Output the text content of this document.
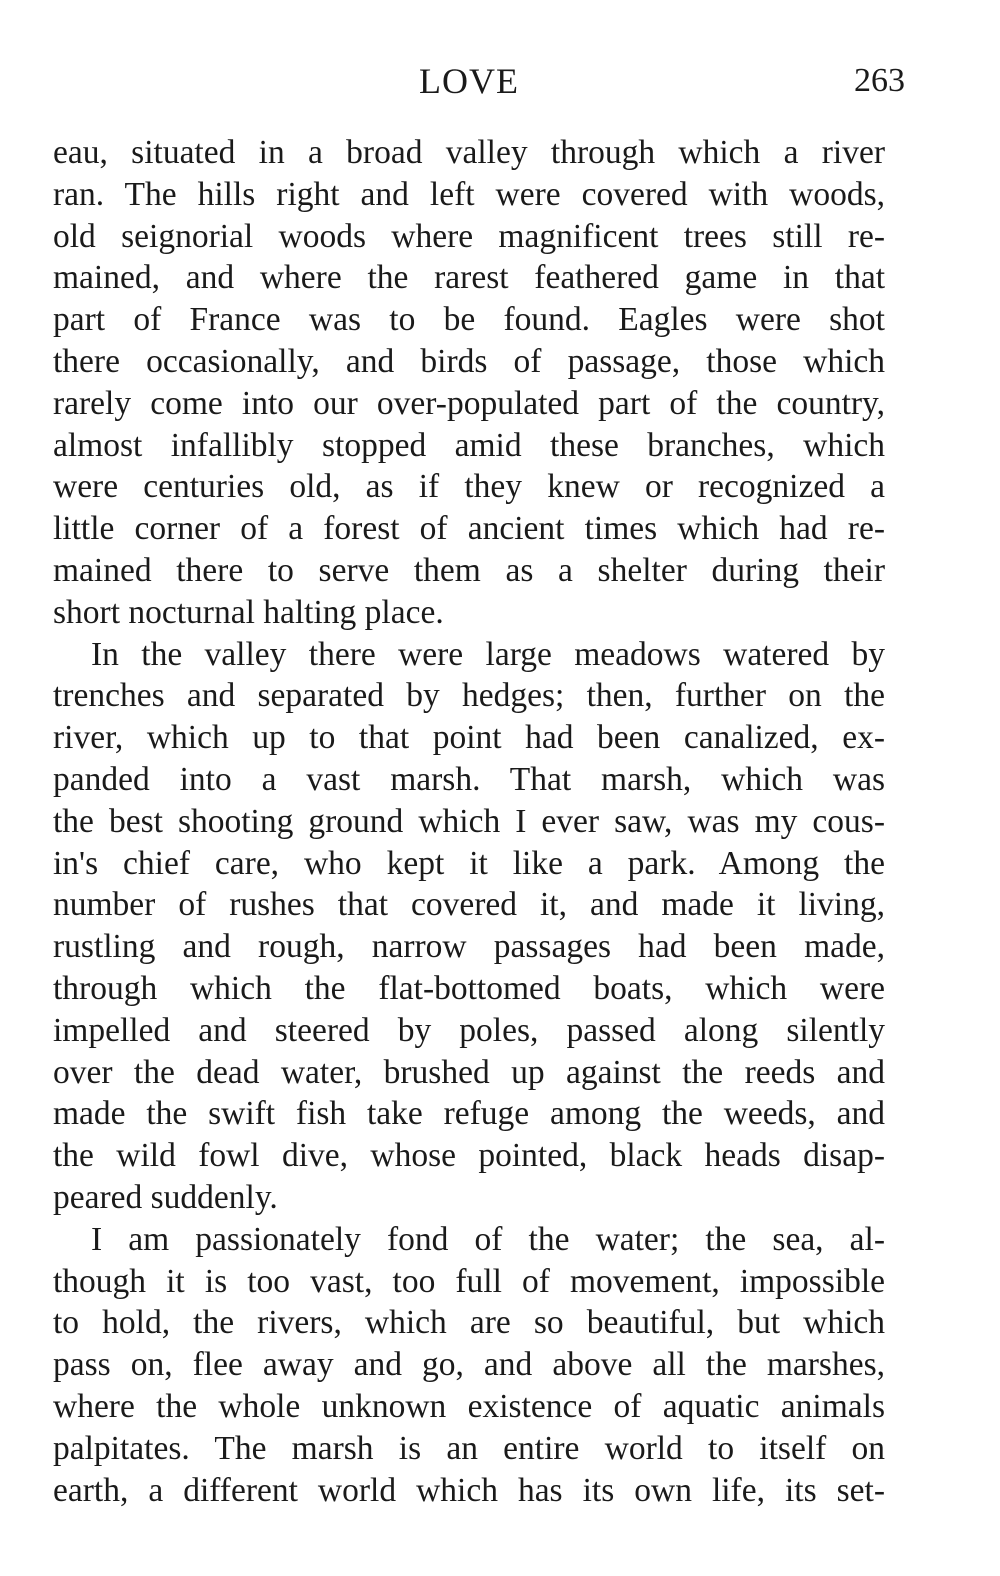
LOVE	263
eau, situated in a broad valley through which a river
ran. The hills right and left were covered with woods,
old seignorial woods where magnificent trees still re-
mained, and where the rarest feathered game in that
part of France was to be found. Eagles were shot
there occasionally, and birds of passage, those which
rarely come into our over-populated part of the country,
almost infallibly stopped amid these branches, which
were centuries old, as if they knew or recognized a
little corner of a forest of ancient times which had re-
mained there to serve them as a shelter during their
short nocturnal halting place.
In the valley there were large meadows watered by
trenches and separated by hedges; then, further on the
river, which up to that point had been canalized, ex-
panded into a vast marsh. That marsh, which was
the best shooting ground which I ever saw, was my cous-
in's chief care, who kept it like a park. Among the
number of rushes that covered it, and made it living,
rustling and rough, narrow passages had been made,
through which the flat-bottomed boats, which were
impelled and steered by poles, passed along silently
over the dead water, brushed up against the reeds and
made the swift fish take refuge among the weeds, and
the wild fowl dive, whose pointed, black heads disap-
peared suddenly.
I am passionately fond of the water; the sea, al-
though it is too vast, too full of movement, impossible
to hold, the rivers, which are so beautiful, but which
pass on, flee away and go, and above all the marshes,
where the whole unknown existence of aquatic animals
palpitates. The marsh is an entire world to itself on
earth, a different world which has its own life, its set-
